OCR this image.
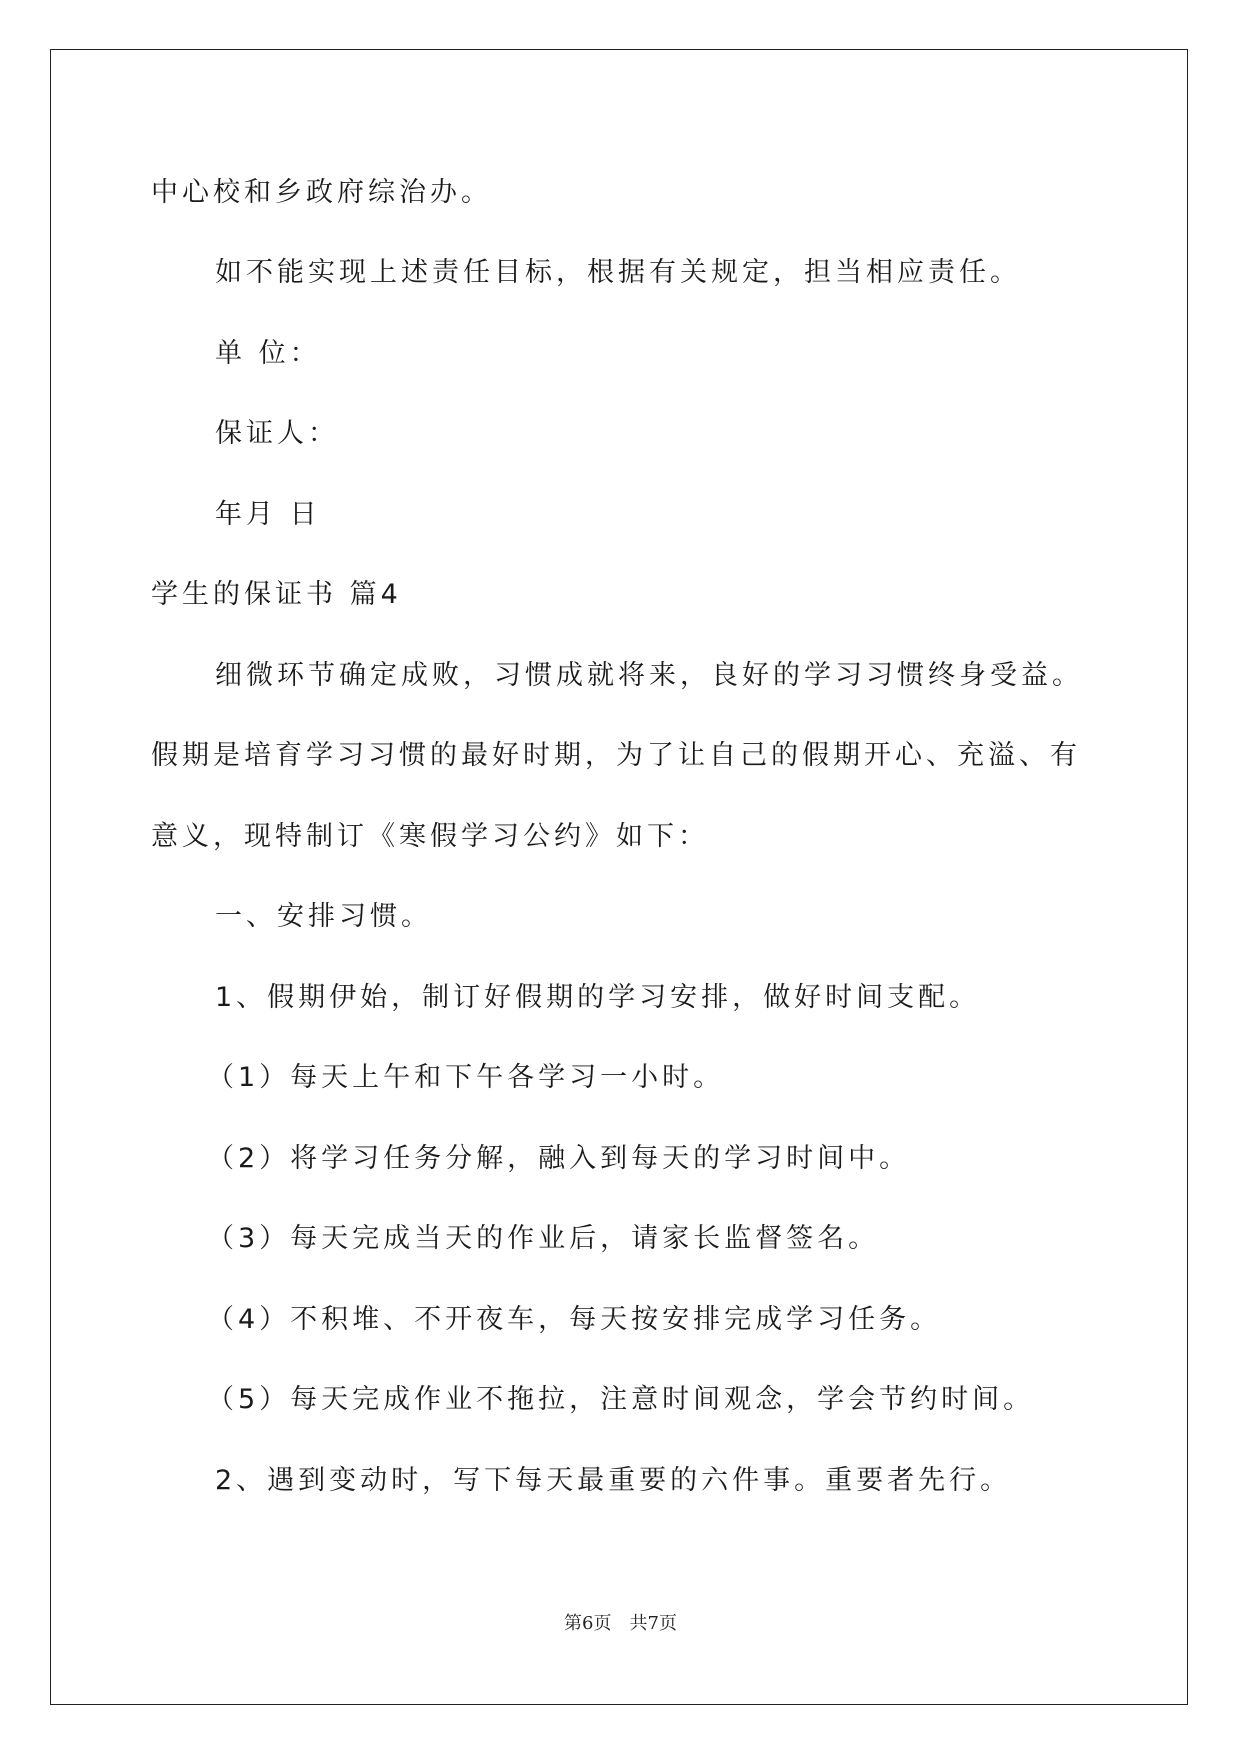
中心校和乡政府综治办。
如不能实现上述责任目标，根据有关规定，担当相应责任。
单 位：
保证人：
年月 日
学生的保证书 篇4
细微环节确定成败，习惯成就将来，良好的学习习惯终身受益。
假期是培育学习习惯的最好时期，为了让自己的假期开心、充溢、有
意义，现特制订《寒假学习公约》如下：
一、安排习惯。
1、假期伊始，制订好假期的学习安排，做好时间支配。
（1）每天上午和下午各学习一小时。
（2）将学习任务分解，融入到每天的学习时间中。
（3）每天完成当天的作业后，请家长监督签名。
（4）不积堆、不开夜车，每天按安排完成学习任务。
（5）每天完成作业不拖拉，注意时间观念，学会节约时间。
2、遇到变动时，写下每天最重要的六件事。重要者先行。
第6页 共7页
